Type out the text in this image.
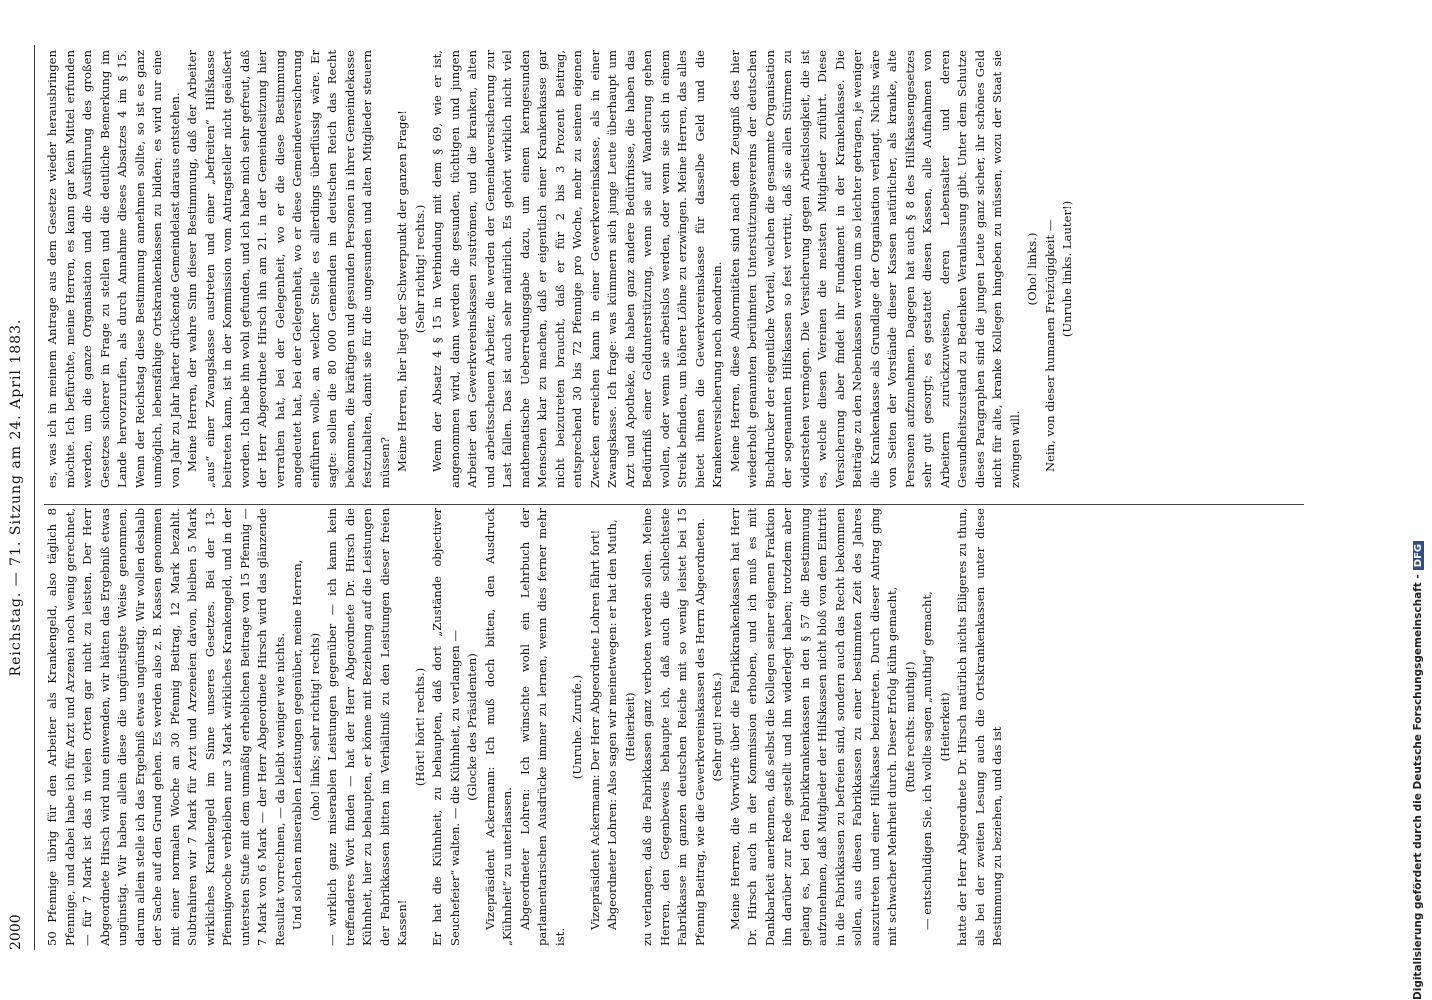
2000
Reichstag. — 71. Sitzung am 24. April 1883.

50 Pfennige übrig für den Arbeiter als Krankengeld, also täglich 8 Pfennige, und dabei habe ich für Arzt und Arzenei noch wenig gerechnet, — für 7 Mark ist das in vielen Orten gar nicht zu leisten. Der Herr Abgeordnete Hirsch wird nun einwenden, wir hätten das Ergebniß etwas ungünstig. Wir haben allein diese die ungünstigste Weise genommen, darum allein stelle ich das Ergebniß etwas ungünstig. Wir wollen deshalb der Sache auf den Grund gehen. Es werden also z. B. Kassen genommen mit einer normalen Woche an 30 Pfennig Beitrag, 12 Mark bezahlt. Subtrahiren wir 7 Mark für Arzt und Arzeneien davon, bleiben 5 Mark wirkliches Krankengeld im Sinne unseres Gesetzes. Bei der 13-Pfennigwoche verbleiben nur 3 Mark wirkliches Krankengeld, und in der untersten Stufe mit dem unmäßig erheblichen Beitrage von 15 Pfennig — 7 Mark von 6 Mark — der Herr Abgeordnete Hirsch wird das glänzende Resultat vorrechnen, — da bleibt weniger wie nichts. Und solchen miserablen Leistungen gegenüber, meine Herren, (oho! links; sehr richtig! rechts) — wirklich ganz miserablen Leistungen gegenüber — ich kann kein treffenderes Wort finden — hat der Herr Abgeordnete Dr. Hirsch die Kühnheit, hier zu behaupten, er könne mit Beziehung auf die Leistungen der Fabrikkassen bitten im Verhältniß zu den Leistungen dieser freien Kassen!

(Hört! hört! rechts.) Er hat die Kühnheit, zu behaupten, daß dort „Zustände objectiver Seuchefeier“ walten. — die Kühnheit, zu verlangen — (Glocke des Präsidenten) Vizepräsident Ackermann: Ich muß doch bitten, den Ausdruck „Kühnheit“ zu unterlassen. Abgeordneter Lohren: Ich wünschte wohl ein Lehrbuch der parlamentarischen Ausdrücke immer zu lernen, wenn dies ferner mehr ist.

(Unruhe. Zurufe.) Vizepräsident Ackermann: Der Herr Abgeordnete Lohren fährt fort! Abgeordneter Lohren: Also sagen wir meinetwegen: er hat den Muth, (Heiterkeit) zu verlangen, daß die Fabrikkassen ganz verboten werden sollen. Meine Herren, den Gegenbeweis behaupte ich, daß auch die schlechteste Fabrikkasse im ganzen deutschen Reiche mit so wenig leistet bei 15 Pfennig Beitrag, wie die Gewerkvereinskassen des Herrn Abgeordneten. (Sehr gut! rechts.) Meine Herren, die Vorwürfe über die Fabrikkrankenkassen hat Herr Dr. Hirsch auch in der Kommission erhoben, und ich muß es mit Dankbarkeit anerkennen, daß selbst die Kollegen seiner eigenen Fraktion ihn darüber zur Rede gestellt und ihn widerlegt haben; trotzdem aber gelang es, bei den Fabrikkrankenkassen in den § 57 die Bestimmung aufzunehmen, daß Mitglieder der Hilfskassen nicht bloß von dem Eintritt in die Fabrikkassen zu befreien sind, sondern auch das Recht bekommen sollen, aus diesen Fabrikkassen zu einer bestimmten Zeit des Jahres auszutreten und einer Hilfskasse beizutreten. Durch dieser Antrag ging mit schwacher Mehrheit durch. Dieser Erfolg kühn gemacht, (Rufe rechts: muthig!) — entschuldigen Sie, ich wollte sagen „muthig“ gemacht, (Heiterkeit) hatte der Herr Abgeordnete Dr. Hirsch natürlich nichts Eiligeres zu thun, als bei der zweiten Lesung auch die Ortskrankenkassen unter diese Bestimmung zu beziehen, und das ist

es, was ich in meinem Antrage aus dem Gesetze wieder herausbringen möchte. Ich befürchte, meine Herren, es kann gar kein Mittel erfunden werden, um die ganze Organisation und die Ausführung des großen Gesetzes sicherer in Frage zu stellen und die deutliche Bemerkung im Lande hervorzurufen, als durch Annahme dieses Absatzes 4 im § 15. Wenn der Reichstag diese Bestimmung annehmen sollte, so ist es ganz unmöglich, lebensfähige Ortskrankenkassen zu bilden; es wird nur eine von Jahr zu Jahr härter drückende Gemeindelast daraus entstehen. Meine Herren, der wahre Sinn dieser Bestimmung, daß der Arbeiter „aus“ einer Zwangskasse austreten und einer „befreiten“ Hilfskasse beitreten kann, ist in der Kommission vom Antragsteller nicht geäußert worden. Ich habe ihn wohl gefunden, und ich habe mich sehr gefreut, daß der Herr Abgeordnete Hirsch ihn am 21. in der Gemeindesitzung hier verrathen hat, bei der Gelegenheit, wo er die diese Bestimmung angedeutet hat, bei der Gelegenheit, wo er diese Gemeindeversicherung einführen wolle, an welcher Stelle es allerdings überflüssig wäre. Er sagte: sollen die 80 000 Gemeinden im deutschen Reich das Recht bekommen, die kräftigen und gesunden Personen in ihrer Gemeindekasse festzuhalten, damit sie für die ungesunden und alten Mitglieder steuern müssen? Meine Herren, hier liegt der Schwerpunkt der ganzen Frage! (Sehr richtig! rechts.) Wenn der Absatz 4 § 15 in Verbindung mit dem § 69, wie er ist, angenommen wird, dann werden die gesunden, tüchtigen und jungen Arbeiter den Gewerkvereinskassen zuströmen, und die kranken, alten und arbeitsscheuen Arbeiter, die werden der Gemeindeversicherung zur Last fallen. Das ist auch sehr natürlich. Es gehört wirklich nicht viel mathematische Ueberredungsgabe dazu, um einem kerngesunden Menschen klar zu machen, daß er eigentlich einer Krankenkasse gar nicht beizutreten braucht, daß er für 2 bis 3 Prozent Beitrag, entsprechend 30 bis 72 Pfennige pro Woche, mehr zu seinen eigenen Zwecken erreichen kann in einer Gewerkvereinskasse, als in einer Zwangskasse. Ich frage: was kümmern sich junge Leute überhaupt um Arzt und Apotheke, die haben ganz andere Bedürfnisse, die haben das Bedürfniß einer Geldunterstützung, wenn sie auf Wanderung gehen wollen, oder wenn sie arbeitslos werden, oder wenn sie sich in einem Streik befinden, um höhere Löhne zu erzwingen. Meine Herren, das alles bietet ihnen die Gewerkvereinskasse für dasselbe Geld und die Krankenversicherung noch obendrein. Meine Herren, diese Abnormitäten sind nach dem Zeugniß des hier wiederholt genannten berühmten Unterstützungsvereins der deutschen Buchdrucker der eigentliche Vorteil, welchen die gesammte Organisation der sogenannten Hilfskassen so fest vertritt, daß sie allen Stürmen zu widerstehen vermögen. Die Versicherung gegen Arbeitslosigkeit, die ist es, welche diesen Vereinen die meisten Mitglieder zuführt. Diese Versicherung aber findet ihr Fundament in der Krankenkasse. Die Beiträge zu den Nebenkassen werden um so leichter getragen, je weniger die Krankenkasse als Grundlage der Organisation verlangt. Nichts wäre von Seiten der Vorstände dieser Kassen natürlicher, als kranke, alte Personen aufzunehmen. Dagegen hat auch § 8 des Hilfskassengesetzes sehr gut gesorgt; es gestattet diesen Kassen, alle Aufnahmen von Arbeitern zurückzuweisen, deren Lebensalter und deren Gesundheitszustand zu Bedenken Veranlassung gibt. Unter dem Schutze dieses Paragraphen sind die jungen Leute ganz sicher, ihr schönes Geld nicht für alte, kranke Kollegen hingeben zu müssen, wozu der Staat sie zwingen will.

(Oho! links.) Nein, von dieser humanen Freizügigkeit — (Unruhe links. Lauter!)

Digitalisierung gefördert durch die Deutsche Forschungsgemeinschaft -DFG
